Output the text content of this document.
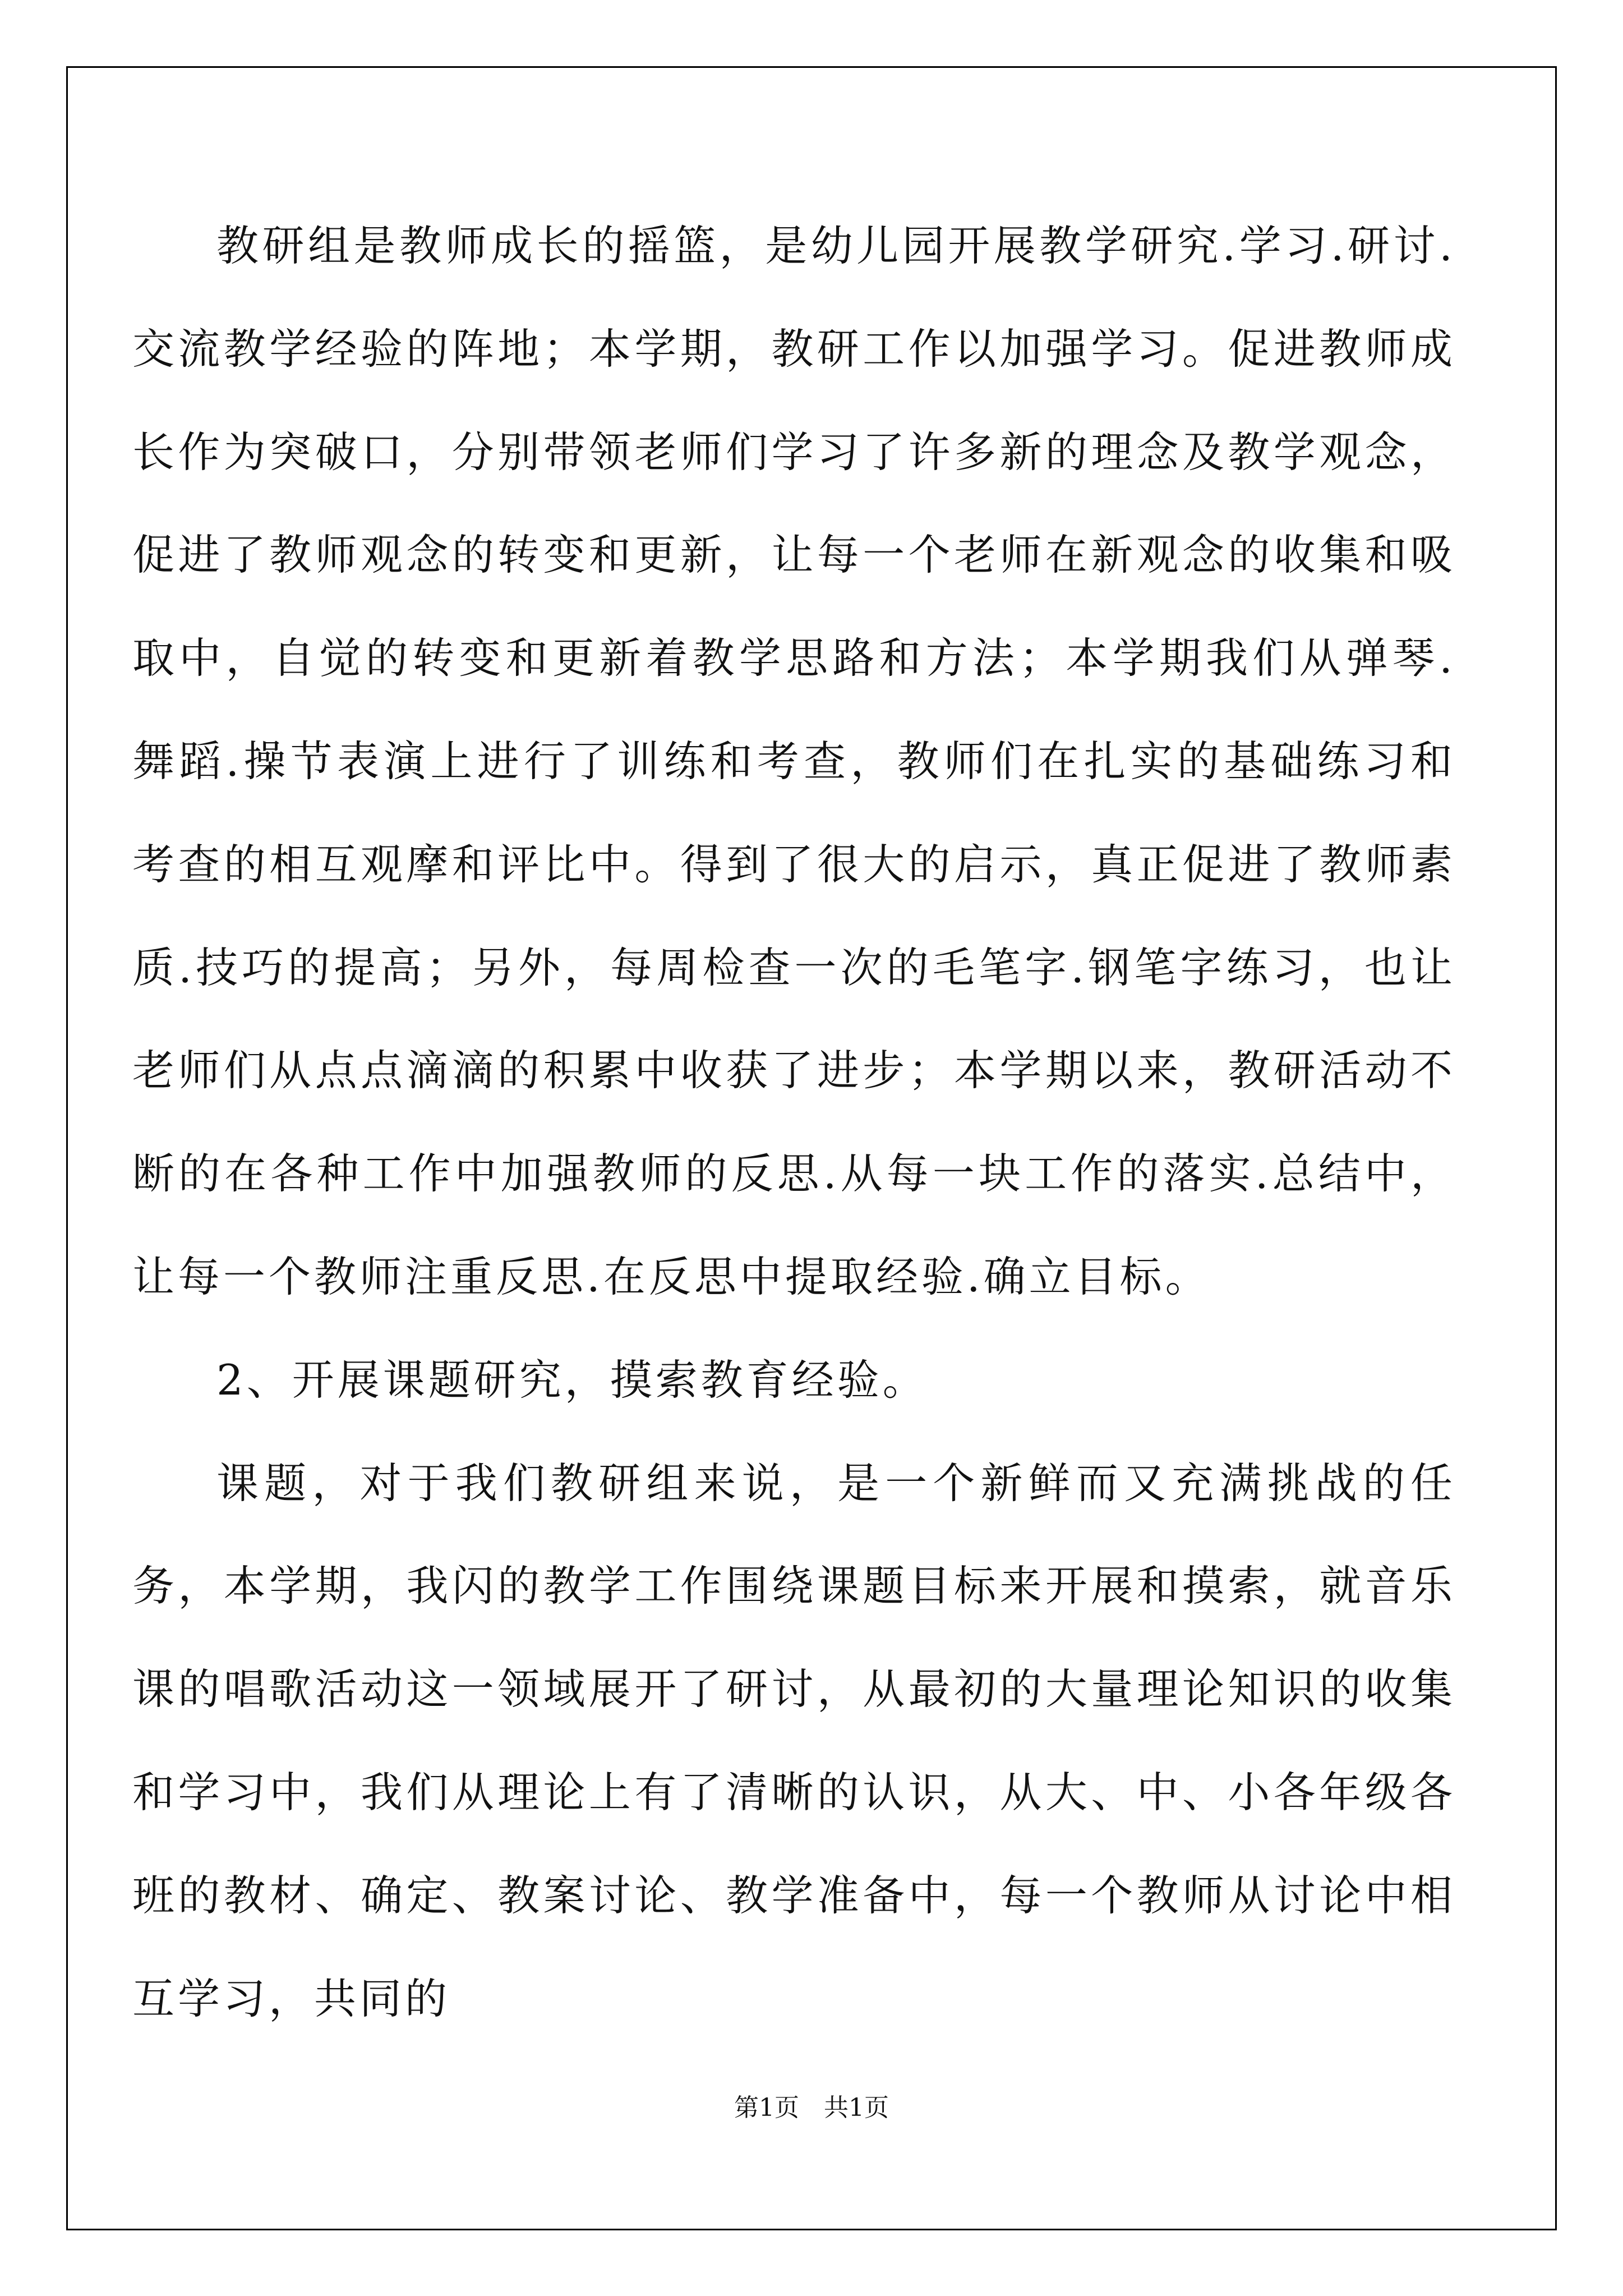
教研组是教师成长的摇篮，是幼儿园开展教学研究.学习.研讨.交流教学经验的阵地；本学期，教研工作以加强学习。促进教师成长作为突破口，分别带领老师们学习了许多新的理念及教学观念，促进了教师观念的转变和更新，让每一个老师在新观念的收集和吸取中，自觉的转变和更新着教学思路和方法；本学期我们从弹琴.舞蹈.操节表演上进行了训练和考查，教师们在扎实的基础练习和考查的相互观摩和评比中。得到了很大的启示，真正促进了教师素质.技巧的提高；另外，每周检查一次的毛笔字.钢笔字练习，也让老师们从点点滴滴的积累中收获了进步；本学期以来，教研活动不断的在各种工作中加强教师的反思.从每一块工作的落实.总结中，让每一个教师注重反思.在反思中提取经验.确立目标。

2、开展课题研究，摸索教育经验。

课题，对于我们教研组来说，是一个新鲜而又充满挑战的任务，本学期，我闪的教学工作围绕课题目标来开展和摸索，就音乐课的唱歌活动这一领域展开了研讨，从最初的大量理论知识的收集和学习中，我们从理论上有了清晰的认识，从大、中、小各年级各班的教材、确定、教案讨论、教学准备中，每一个教师从讨论中相互学习，共同的

第1页　共1页
